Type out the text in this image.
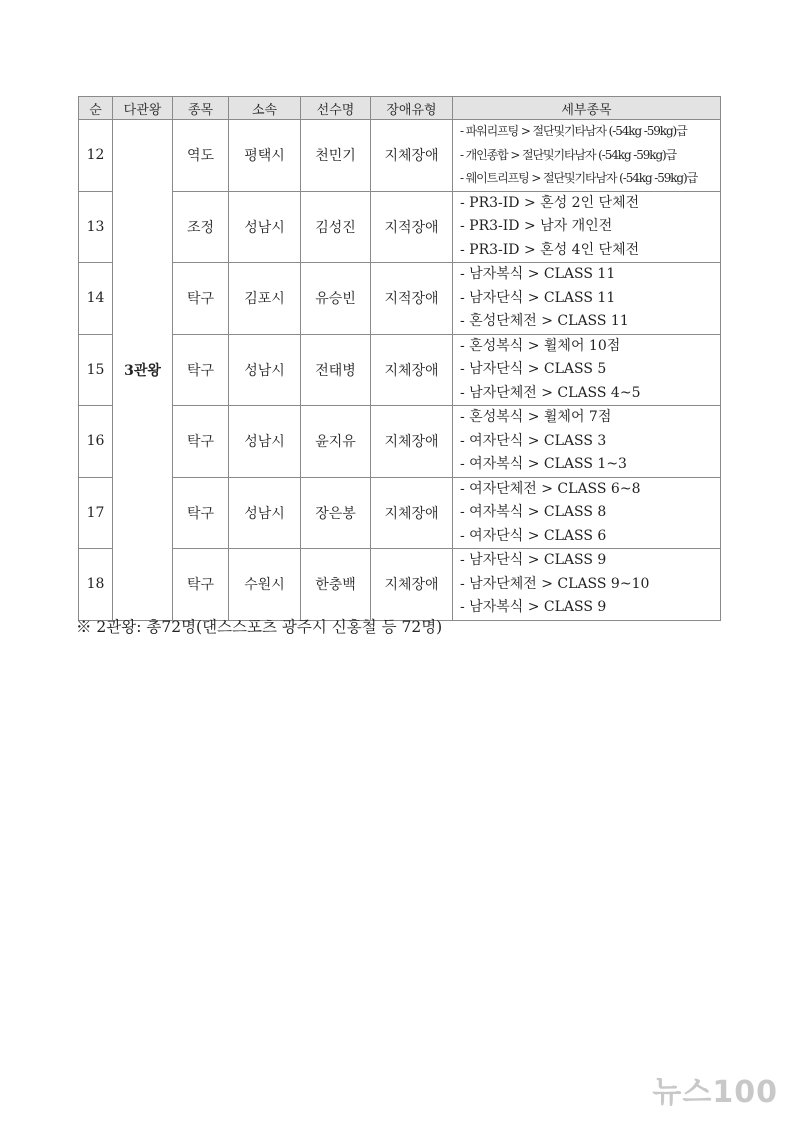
순	다관왕	종목	소속	선수명	장애유형	세부종목
12	3관왕	역도	평택시	천민기	지체장애	- 파워리프팅 > 절단및기타남자 (-54kg -59kg)급
- 개인종합 > 절단및기타남자 (-54kg -59kg)급
- 웨이트리프팅 > 절단및기타남자 (-54kg -59kg)급

13		조정	성남시	김성진	지적장애	- PR3-ID > 혼성 2인 단체전
- PR3-ID > 남자 개인전
- PR3-ID > 혼성 4인 단체전

14		탁구	김포시	유승빈	지적장애	- 남자복식 > CLASS 11
- 남자단식 > CLASS 11
- 혼성단체전 > CLASS 11

15		탁구	성남시	전태병	지체장애	- 혼성복식 > 휠체어 10점
- 남자단식 > CLASS 5
- 남자단체전 > CLASS 4~5

16		탁구	성남시	윤지유	지체장애	- 혼성복식 > 휠체어 7점
- 여자단식 > CLASS 3
- 여자복식 > CLASS 1~3

17		탁구	성남시	장은봉	지체장애	- 여자단체전 > CLASS 6~8
- 여자복식 > CLASS 8
- 여자단식 > CLASS 6

18		탁구	수원시	한충백	지체장애	- 남자단식 > CLASS 9
- 남자단체전 > CLASS 9~10
- 남자복식 > CLASS 9
※ 2관왕: 총72명(댄스스포츠 광주시 신홍철 등 72명)
뉴스100
